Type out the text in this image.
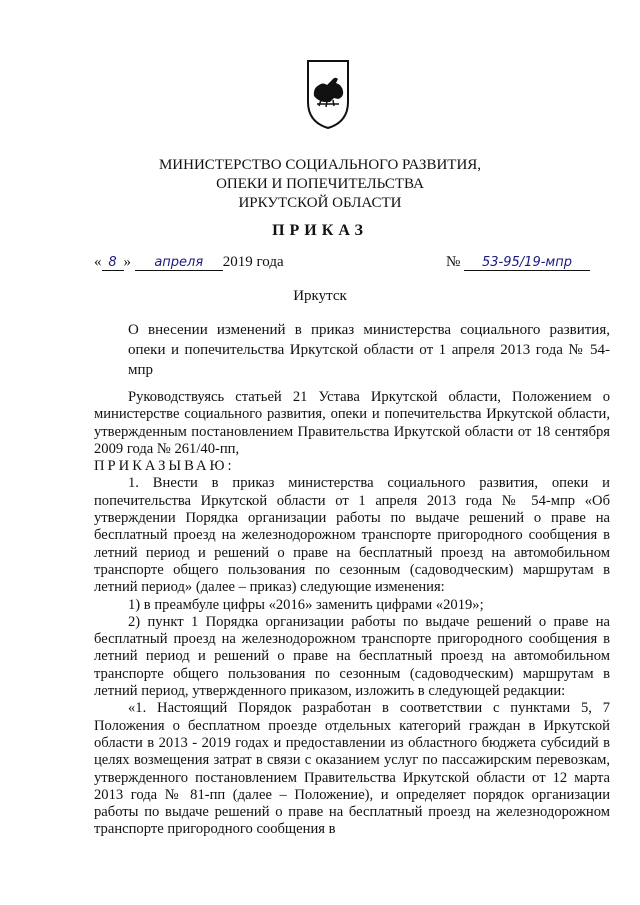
МИНИСТЕРСТВО СОЦИАЛЬНОГО РАЗВИТИЯ,
ОПЕКИ И ПОПЕЧИТЕЛЬСТВА
ИРКУТСКОЙ ОБЛАСТИ
ПРИКАЗ
« 8 » апреля 2019 года	№ 53-95/19-мпр
Иркутск
О внесении изменений в приказ министерства социального развития, опеки и попечительства Иркутской области от 1 апреля 2013 года № 54-мпр

Руководствуясь статьей 21 Устава Иркутской области, Положением о министерстве социального развития, опеки и попечительства Иркутской области, утвержденным постановлением Правительства Иркутской области от 18 сентября 2009 года № 261/40-пп,

ПРИКАЗЫВАЮ:

1. Внести в приказ министерства социального развития, опеки и попечительства Иркутской области от 1 апреля 2013 года № 54-мпр «Об утверждении Порядка организации работы по выдаче решений о праве на бесплатный проезд на железнодорожном транспорте пригородного сообщения в летний период и решений о праве на бесплатный проезд на автомобильном транспорте общего пользования по сезонным (садоводческим) маршрутам в летний период» (далее – приказ) следующие изменения:

1) в преамбуле цифры «2016» заменить цифрами «2019»;

2) пункт 1 Порядка организации работы по выдаче решений о праве на бесплатный проезд на железнодорожном транспорте пригородного сообщения в летний период и решений о праве на бесплатный проезд на автомобильном транспорте общего пользования по сезонным (садоводческим) маршрутам в летний период, утвержденного приказом, изложить в следующей редакции:

«1. Настоящий Порядок разработан в соответствии с пунктами 5, 7 Положения о бесплатном проезде отдельных категорий граждан в Иркутской области в 2013 - 2019 годах и предоставлении из областного бюджета субсидий в целях возмещения затрат в связи с оказанием услуг по пассажирским перевозкам, утвержденного постановлением Правительства Иркутской области от 12 марта 2013 года № 81-пп (далее – Положение), и определяет порядок организации работы по выдаче решений о праве на бесплатный проезд на железнодорожном транспорте пригородного сообщения в
